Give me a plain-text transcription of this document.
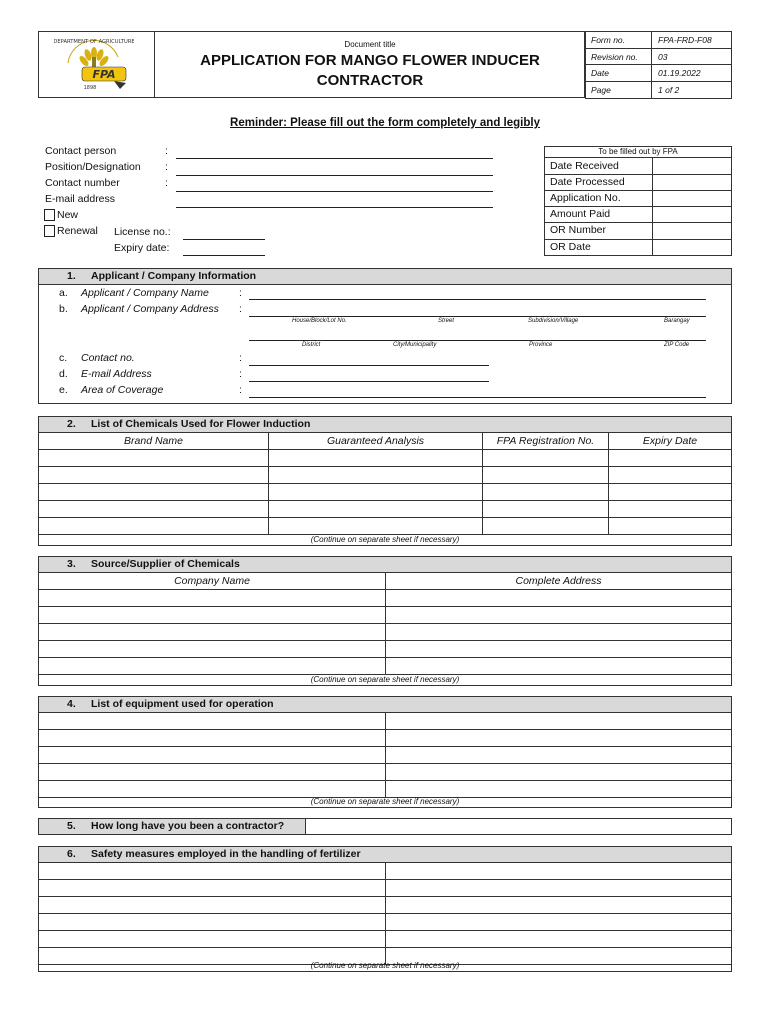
DEPARTMENT OF AGRICULTURE
FPA
1898
Document title
APPLICATION FOR MANGO FLOWER INDUCER
CONTRACTOR
Form no.	FPA-FRD-F08
Revision no.	03
Date	01.19.2022
Page	1 of 2
Reminder: Please fill out the form completely and legibly
Contact person	:
Position/Designation :
Contact number	:
E-mail address
New
Renewal License no.:
Expiry date:
To be filled out by FPA
Date Received
Date Processed
Application No.
Amount Paid
OR Number
OR Date
1. Applicant / Company Information
a. Applicant / Company Name	:
b. Applicant / Company Address :
House/Block/Lot No.	Street	Subdivision/Village	Barangay
District	City/Municipality	Province	ZIP Code
c. Contact no.	:
d. E-mail Address	:
e. Area of Coverage	:
2. List of Chemicals Used for Flower Induction
Brand Name	Guaranteed Analysis	FPA Registration No.	Expiry Date

(Continue on separate sheet if necessary)
3. Source/Supplier of Chemicals
Company Name	Complete Address

(Continue on separate sheet if necessary)
4. List of equipment used for operation

(Continue on separate sheet if necessary)
5. How long have you been a contractor?
6. Safety measures employed in the handling of fertilizer

(Continue on separate sheet if necessary)
